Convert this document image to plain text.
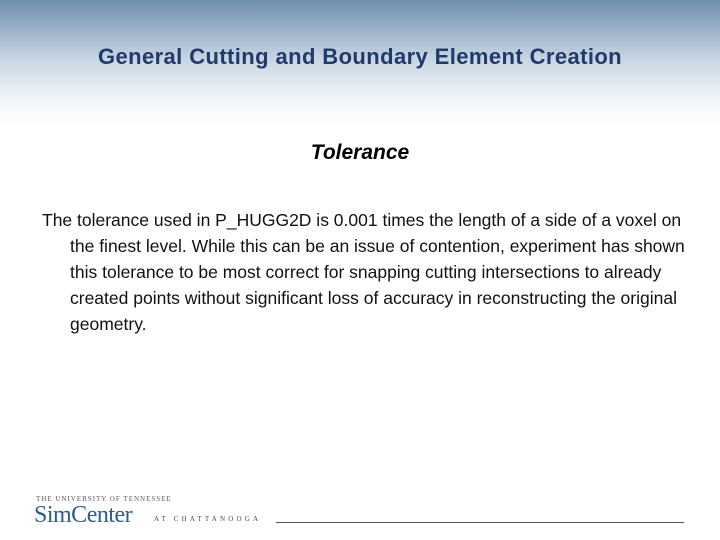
General Cutting and Boundary Element Creation
Tolerance

The tolerance used in P_HUGG2D is 0.001 times the length of a side of a voxel on the finest level. While this can be an issue of contention, experiment has shown this tolerance to be most correct for snapping cutting intersections to already created points without significant loss of accuracy in reconstructing the original geometry.

THE UNIVERSITY OF TENNESSEE
SimCenter	AT CHATTANOOGA
